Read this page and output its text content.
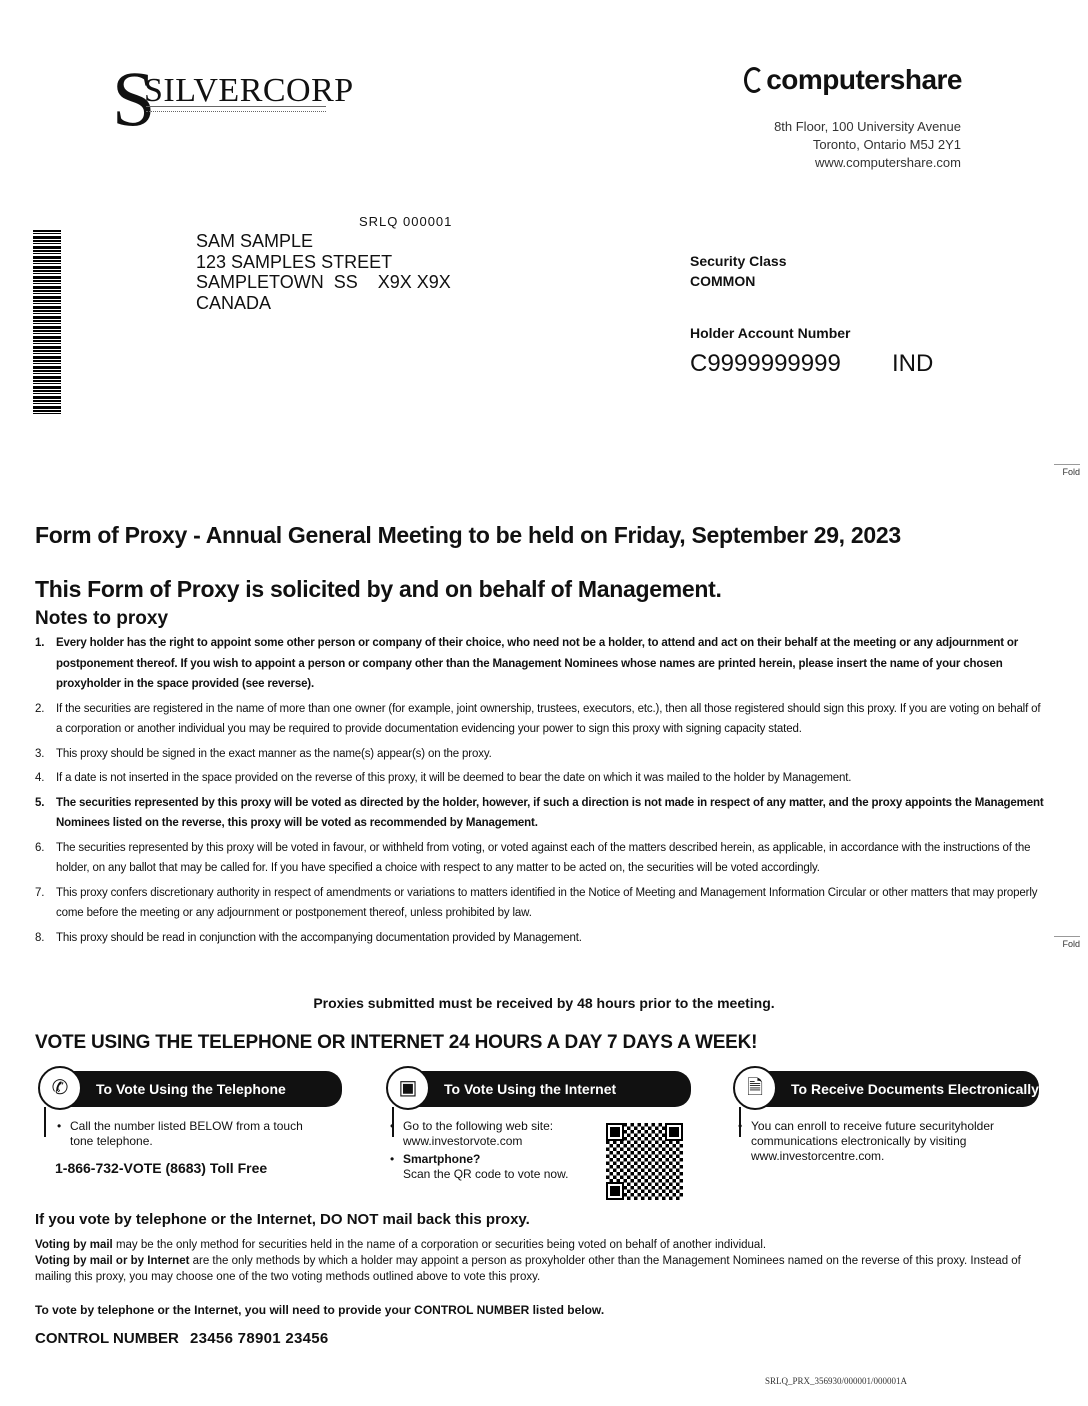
S
SILVERCORP	computershare
8th Floor, 100 University Avenue
Toronto, Ontario M5J 2Y1
www.computershare.com
SRLQ 000001
SAM SAMPLE
123 SAMPLES STREET
SAMPLETOWN  SS    X9X X9X
CANADA
Security Class
COMMON
Holder Account Number
C9999999999 IND
Fold
Fold
Form of Proxy - Annual General Meeting to be held on Friday, September 29, 2023
This Form of Proxy is solicited by and on behalf of Management.
Notes to proxy
1. Every holder has the right to appoint some other person or company of their choice, who need not be a holder, to attend and act on their behalf at the meeting or any adjournment or postponement thereof. If you wish to appoint a person or company other than the Management Nominees whose names are printed herein, please insert the name of your chosen proxyholder in the space provided (see reverse).
2. If the securities are registered in the name of more than one owner (for example, joint ownership, trustees, executors, etc.), then all those registered should sign this proxy. If you are voting on behalf of a corporation or another individual you may be required to provide documentation evidencing your power to sign this proxy with signing capacity stated.
3. This proxy should be signed in the exact manner as the name(s) appear(s) on the proxy.
4. If a date is not inserted in the space provided on the reverse of this proxy, it will be deemed to bear the date on which it was mailed to the holder by Management.
5. The securities represented by this proxy will be voted as directed by the holder, however, if such a direction is not made in respect of any matter, and the proxy appoints the Management Nominees listed on the reverse, this proxy will be voted as recommended by Management.
6. The securities represented by this proxy will be voted in favour, or withheld from voting, or voted against each of the matters described herein, as applicable, in accordance with the instructions of the holder, on any ballot that may be called for. If you have specified a choice with respect to any matter to be acted on, the securities will be voted accordingly.
7. This proxy confers discretionary authority in respect of amendments or variations to matters identified in the Notice of Meeting and Management Information Circular or other matters that may properly come before the meeting or any adjournment or postponement thereof, unless prohibited by law.
8. This proxy should be read in conjunction with the accompanying documentation provided by Management.
Proxies submitted must be received by 48 hours prior to the meeting.
VOTE USING THE TELEPHONE OR INTERNET 24 HOURS A DAY 7 DAYS A WEEK!
✆	To Vote Using the Telephone	▣	To Vote Using the Internet	🗎	To Receive Documents Electronically
• Call the number listed BELOW from a touch tone telephone.
1-866-732-VOTE (8683) Toll Free
• Go to the following web site:
www.investorvote.com
• Smartphone?
Scan the QR code to vote now.
• You can enroll to receive future securityholder communications electronically by visiting www.investorcentre.com.
If you vote by telephone or the Internet, DO NOT mail back this proxy.
Voting by mail may be the only method for securities held in the name of a corporation or securities being voted on behalf of another individual.
Voting by mail or by Internet are the only methods by which a holder may appoint a person as proxyholder other than the Management Nominees named on the reverse of this proxy. Instead of mailing this proxy, you may choose one of the two voting methods outlined above to vote this proxy.
To vote by telephone or the Internet, you will need to provide your CONTROL NUMBER listed below.
CONTROL NUMBER 23456 78901 23456
SRLQ_PRX_356930/000001/000001A
